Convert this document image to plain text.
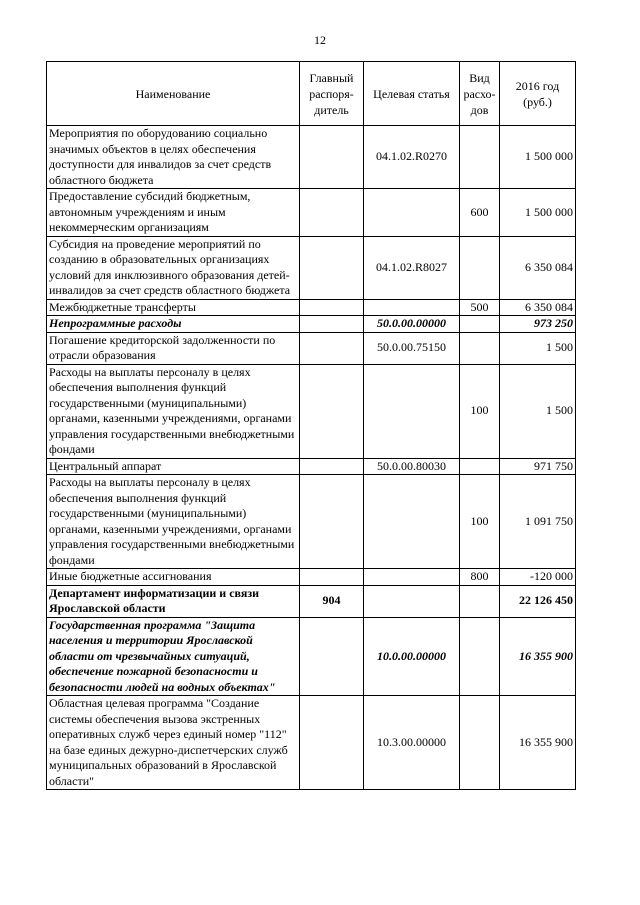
12
Наименование	Главный распоря-дитель	Целевая статья	Вид расхо-дов	2016 год (руб.)
Мероприятия по оборудованию социально значимых объектов в целях обеспечения доступности для инвалидов за счет средств областного бюджета		04.1.02.R0270		1 500 000
Предоставление субсидий бюджетным, автономным учреждениям и иным некоммерческим организациям			600	1 500 000
Субсидия на проведение мероприятий по созданию в образовательных организациях условий для инклюзивного образования детей-инвалидов за счет средств областного бюджета		04.1.02.R8027		6 350 084
Межбюджетные трансферты			500	6 350 084
Непрограммные расходы		50.0.00.00000		973 250
Погашение кредиторской задолженности по отрасли образования		50.0.00.75150		1 500
Расходы на выплаты персоналу в целях обеспечения выполнения функций государственными (муниципальными) органами, казенными учреждениями, органами управления государственными внебюджетными фондами			100	1 500
Центральный аппарат		50.0.00.80030		971 750
Расходы на выплаты персоналу в целях обеспечения выполнения функций государственными (муниципальными) органами, казенными учреждениями, органами управления государственными внебюджетными фондами			100	1 091 750
Иные бюджетные ассигнования			800	-120 000
Департамент информатизации и связи Ярославской области	904			22 126 450
Государственная программа "Защита населения и территории Ярославской области от чрезвычайных ситуаций, обеспечение пожарной безопасности и безопасности людей на водных объектах"		10.0.00.00000		16 355 900
Областная целевая программа "Создание системы обеспечения вызова экстренных оперативных служб через единый номер "112" на базе единых дежурно-диспетчерских служб муниципальных образований в Ярославской области"		10.3.00.00000		16 355 900
